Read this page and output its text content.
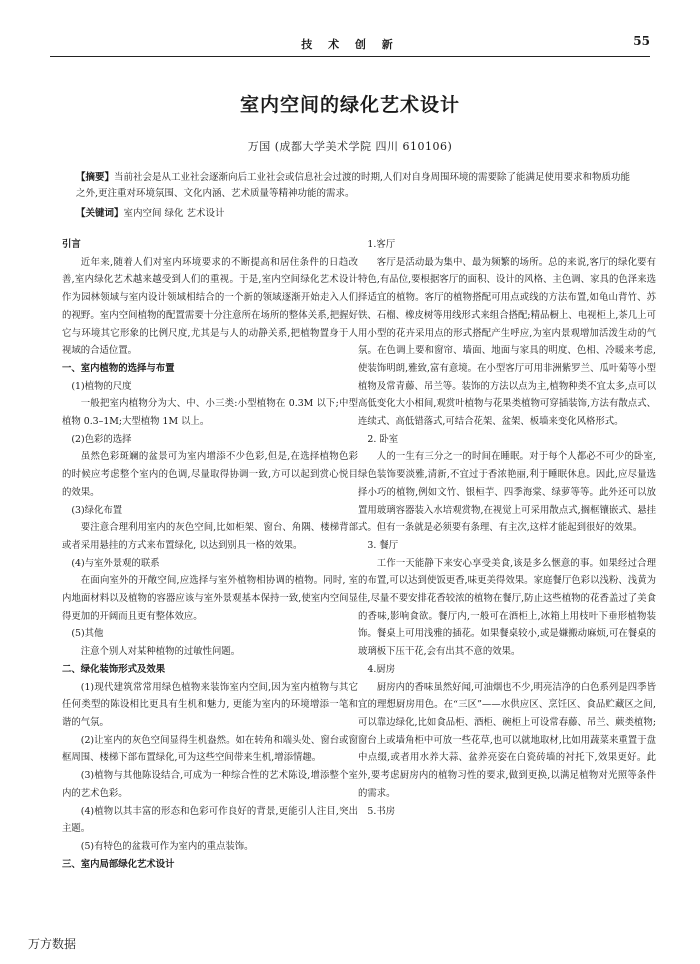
技 术 创 新	55
室内空间的绿化艺术设计
万国 (成都大学美术学院 四川 610106)
【摘要】当前社会是从工业社会逐渐向后工业社会或信息社会过渡的时期,人们对自身周围环境的需要除了能满足使用要求和物质功能之外,更注重对环境氛围、文化内涵、艺术质量等精神功能的需求。
【关键词】室内空间 绿化 艺术设计

引言

近年来,随着人们对室内环境要求的不断提高和居住条件的日趋改善,室内绿化艺术越来越受到人们的重视。于是,室内空间绿化艺术设计作为园林领域与室内设计领域相结合的一个新的领域逐渐开始走入人们的视野。室内空间植物的配置需要十分注意所在场所的整体关系,把握好它与环境其它形象的比例尺度,尤其是与人的动静关系,把植物置身于人视域的合适位置。

一、室内植物的选择与布置

(1)植物的尺度

一般把室内植物分为大、中、小三类:小型植物在 0.3M 以下;中型植物 0.3–1M;大型植物 1M 以上。

(2)色彩的选择

虽然色彩斑斓的盆景可为室内增添不少色彩,但是,在选择植物色彩的时候应考虑整个室内的色调,尽量取得协调一致,方可以起到赏心悦目的效果。

(3)绿化布置

要注意合理利用室内的灰色空间,比如柜架、窗台、角隅、楼梯背部或者采用悬挂的方式来布置绿化, 以达到别具一格的效果。

(4)与室外景观的联系

在面向室外的开敞空间,应选择与室外植物相协调的植物。同时, 室内地面材料以及植物的容器应该与室外景观基本保持一致,使室内空间显得更加的开阔而且更有整体效应。

(5)其他

注意个别人对某种植物的过敏性问题。

二、绿化装饰形式及效果

(1)现代建筑常常用绿色植物来装饰室内空间,因为室内植物与其它任何类型的陈设相比更具有生机和魅力, 更能为室内的环境增添一笔和谐的气氛。

(2)让室内的灰色空间显得生机盎然。如在转角和端头处、窗台或窗框周围、楼梯下部布置绿化,可为这些空间带来生机,增添情趣。

(3)植物与其他陈设结合,可成为一种综合性的艺术陈设,增添整个室内的艺术色彩。

(4)植物以其丰富的形态和色彩可作良好的背景,更能引人注目,突出主题。

(5)有特色的盆栽可作为室内的重点装饰。

三、室内局部绿化艺术设计

1.客厅

客厅是活动最为集中、最为频繁的场所。总的来说,客厅的绿化要有特色,有品位,要根据客厅的面积、设计的风格、主色调、家具的色泽来选择适宜的植物。客厅的植物搭配可用点或线的方法布置,如龟山背竹、苏铁、石榴、橡皮树等用线形式来组合搭配;精品橱上、电视柜上,茶几上可用小型的花卉采用点的形式搭配产生呼应,为室内景观增加活泼生动的气氛。在色调上要和窗帘、墙面、地面与家具的明度、色相、冷暖来考虑,使装饰明朗,雅致,富有意境。在小型客厅可用非洲紫罗兰、瓜叶菊等小型植物及常青藤、吊兰等。装饰的方法以点为主,植物种类不宜太多,点可以高低变化大小相间,观赏叶植物与花果类植物可穿插装饰,方法有散点式、连续式、高低错落式,可结合花架、盆架、板墙来变化风格形式。

2. 卧室

人的一生有三分之一的时间在睡眠。对于每个人都必不可少的卧室,绿色装饰要淡雅,清新,不宜过于香浓艳丽,利于睡眠休息。因此,应尽量选择小巧的植物,例如文竹、银桓芋、四季海棠、绿萝等等。此外还可以放置用玻璃容器装入水培观赏物,在视觉上可采用散点式,搁框镶嵌式、悬挂式。但有一条就是必须要有条理、有主次,这样才能起到很好的效果。

3. 餐厅

工作一天能静下来安心享受美食,该是多么惬意的事。如果经过合理的布置,可以达到使饭更香,味更美得效果。家庭餐厅色彩以浅粉、浅黄为佳,尽量不要安排花香较浓的植物在餐厅,防止这些植物的花香盖过了美食的香味,影响食欲。餐厅内,一般可在酒柜上,冰箱上用枝叶下垂形植物装饰。餐桌上可用浅雅的插花。如果餐桌较小,或是嫌搬动麻烦,可在餐桌的玻璃板下压干花,会有出其不意的效果。

4.厨房

厨房内的香味虽然好闻,可油烟也不少,明亮洁净的白色系列是四季皆宜的理想厨房用色。在“三区”——水供应区、烹饪区、食品贮藏区之间,可以靠边绿化,比如食品柜、酒柜、碗柜上可设常春藤、吊兰、蕨类植物;窗台上或墙角柜中可放一些花草,也可以就地取材,比如用蔬菜来重置于盘中点缀,或者用水养大蒜、盆养亮姿在白瓷砖墙的衬托下,效果更好。此外,要考虑厨房内的植物习性的要求,做到更换,以满足植物对光照等条件的需求。

5.书房

万方数据
